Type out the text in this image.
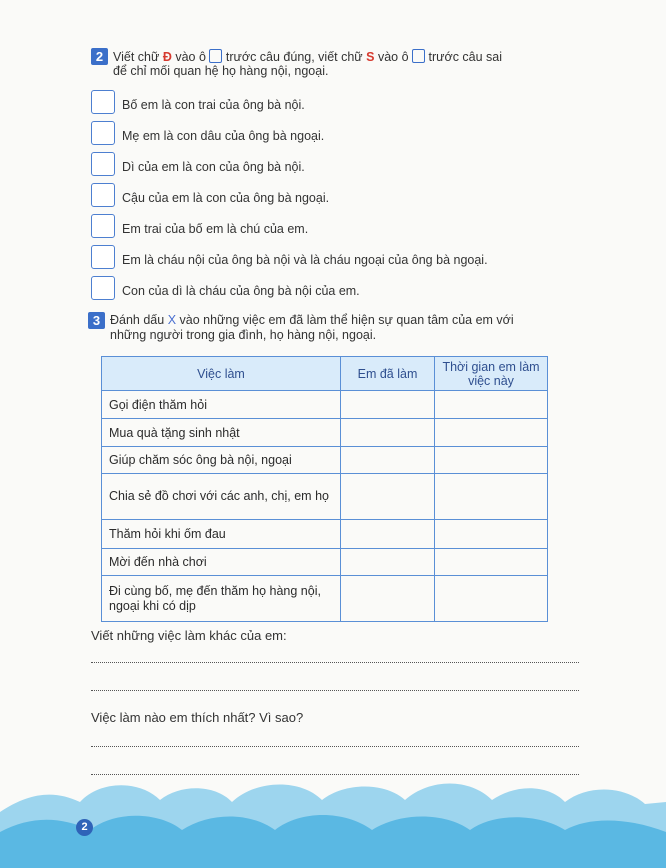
2 Viết chữ Đ vào ô  trước câu đúng, viết chữ S vào ô  trước câu sai
để chỉ mối quan hệ họ hàng nội, ngoại.
Bố em là con trai của ông bà nội.
Mẹ em là con dâu của ông bà ngoại.
Dì của em là con của ông bà nội.
Cậu của em là con của ông bà ngoại.
Em trai của bố em là chú của em.
Em là cháu nội của ông bà nội và là cháu ngoại của ông bà ngoại.
Con của dì là cháu của ông bà nội của em.
3 Đánh dấu X vào những việc em đã làm thể hiện sự quan tâm của em với
những người trong gia đình, họ hàng nội, ngoại.
Việc làm	Em đã làm	Thời gian em làm việc này
Gọi điện thăm hỏi		
Mua quà tặng sinh nhật		
Giúp chăm sóc ông bà nội, ngoại		
Chia sẻ đồ chơi với các anh, chị, em họ		
Thăm hỏi khi ốm đau		
Mời đến nhà chơi		
Đi cùng bố, mẹ đến thăm họ hàng nội, ngoại khi có dịp		
Viết những việc làm khác của em:
Việc làm nào em thích nhất? Vì sao?
2
